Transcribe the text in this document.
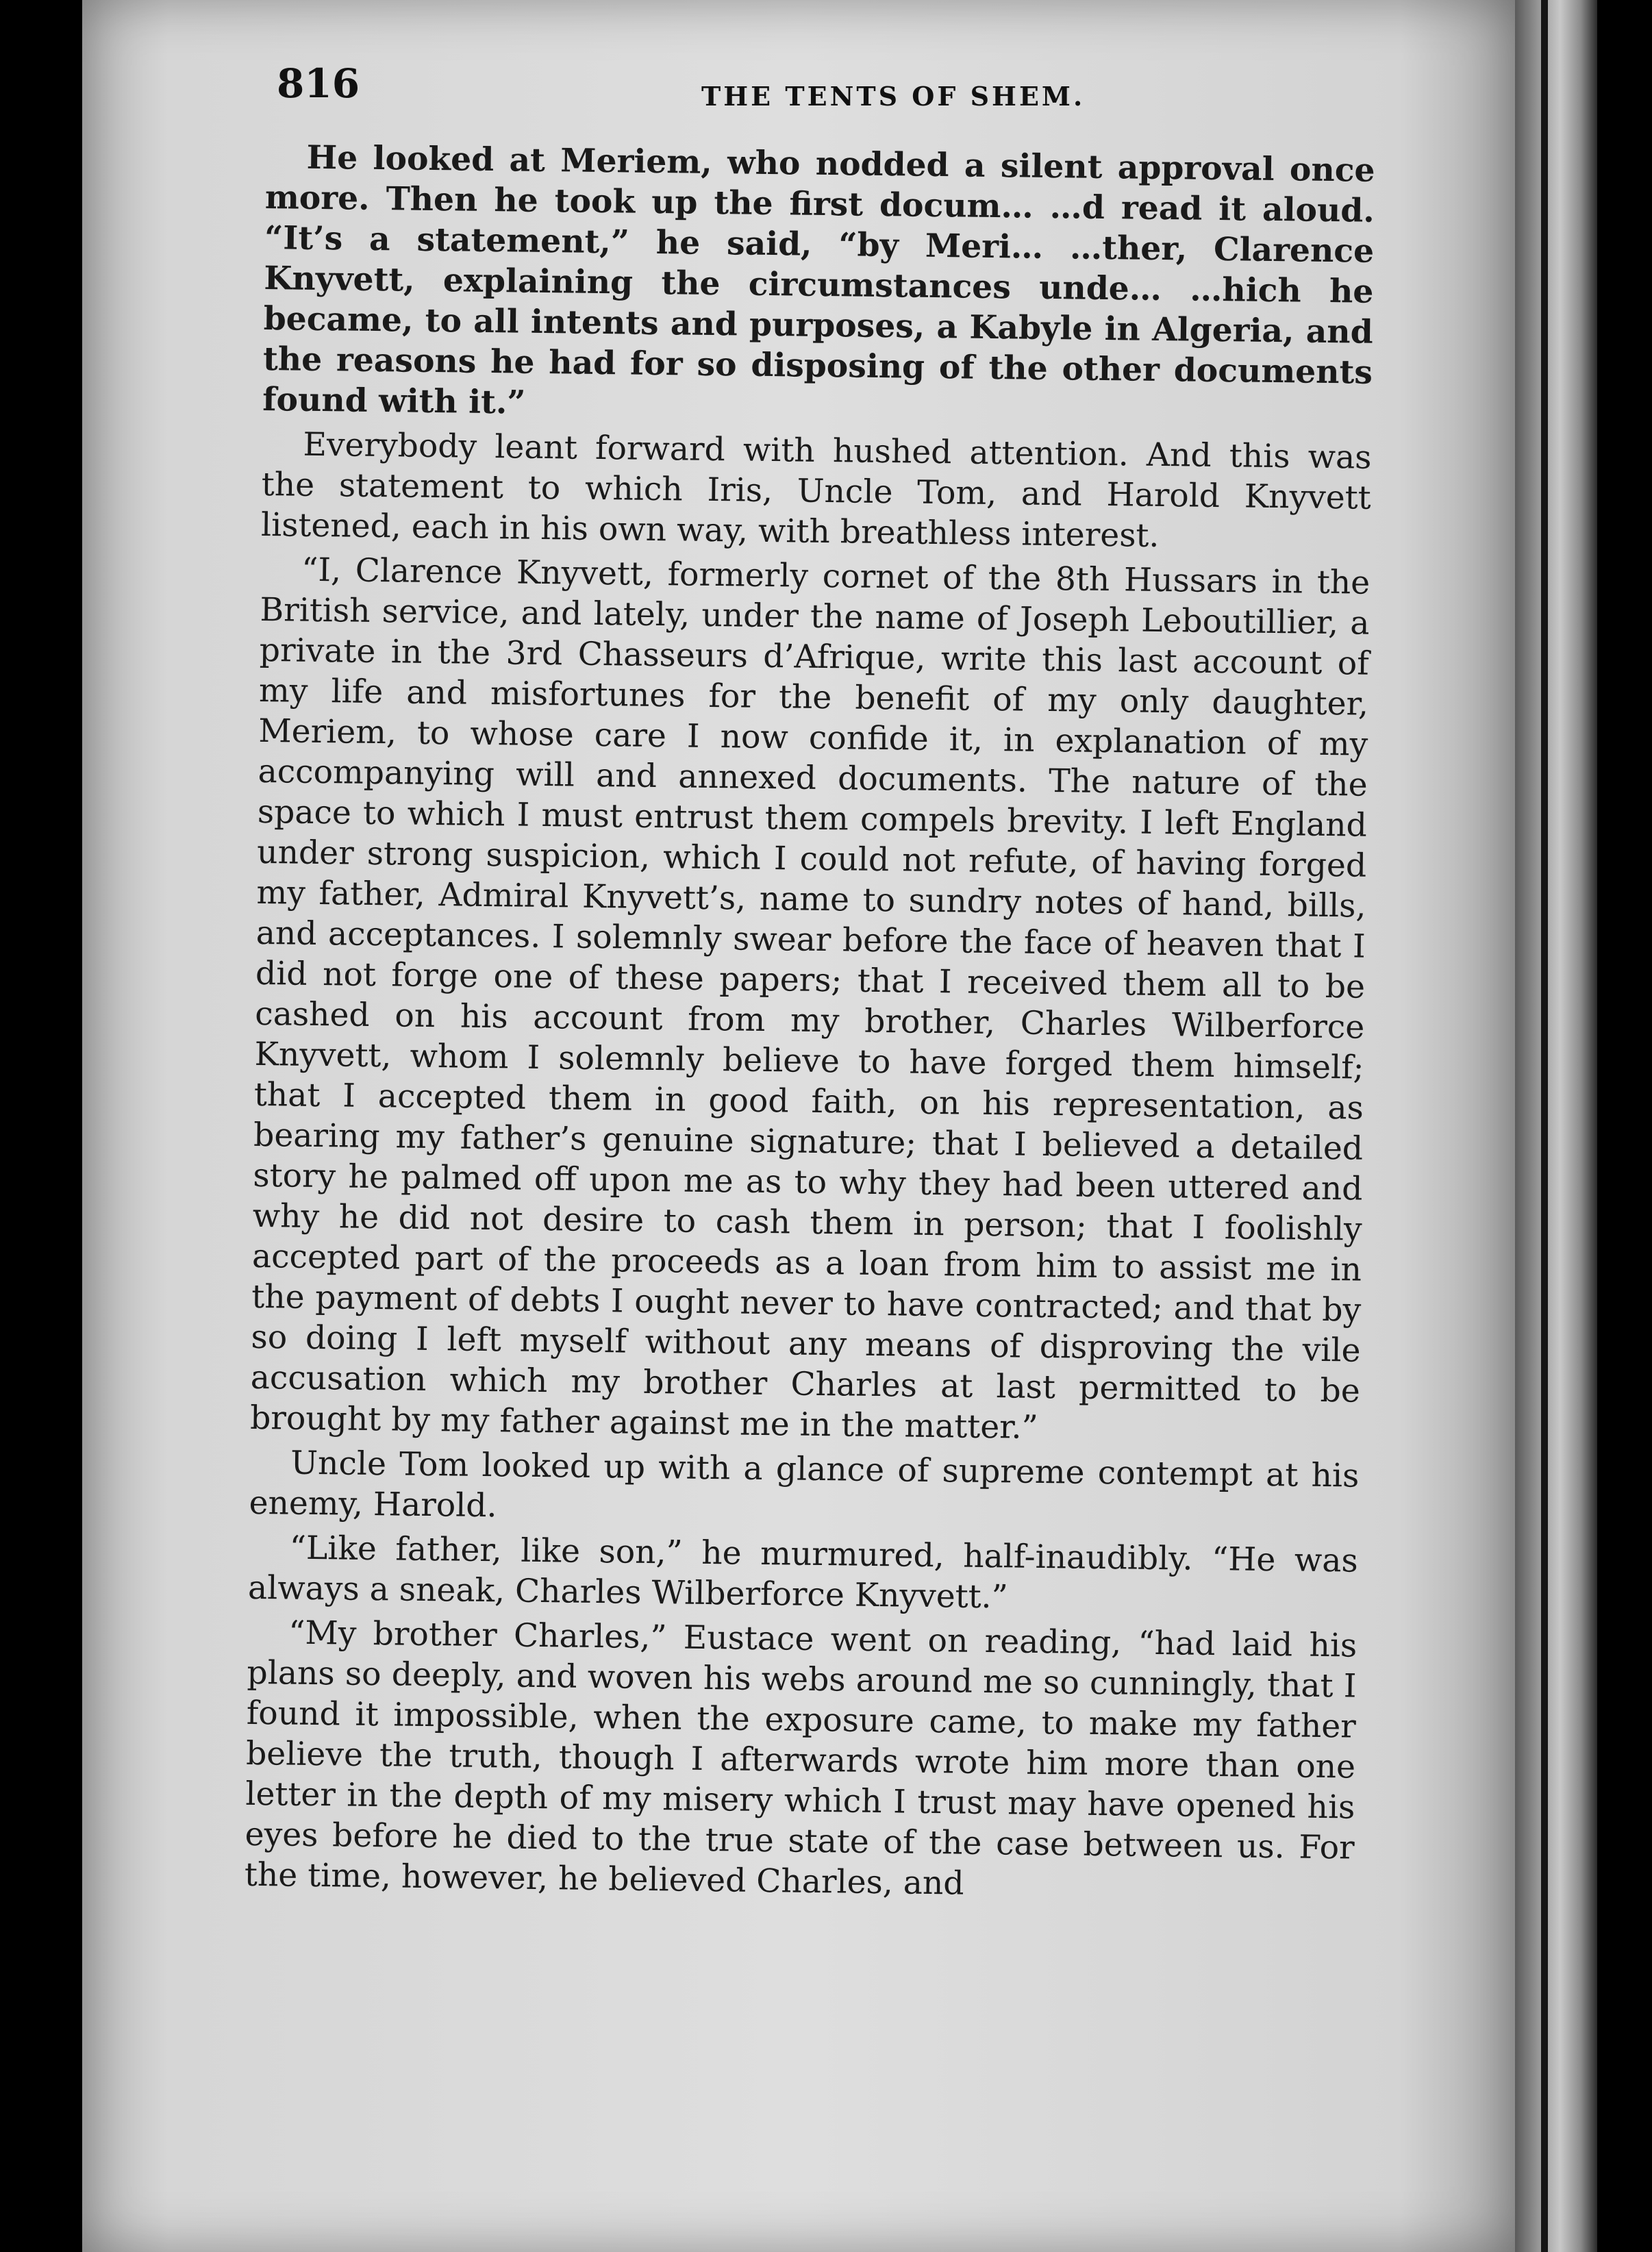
816	THE TENTS OF SHEM.

He looked at Meriem, who nodded a silent approval once more. Then he took up the first docum… …d read it aloud. “It’s a statement,” he said, “by Meri… …ther, Clarence Knyvett, explaining the circumstances unde… …hich he became, to all intents and purposes, a Kabyle in Algeria, and the reasons he had for so disposing of the other documents found with it.”

Everybody leant forward with hushed attention. And this was the statement to which Iris, Uncle Tom, and Harold Knyvett listened, each in his own way, with breathless interest.

“I, Clarence Knyvett, formerly cornet of the 8th Hussars in the British service, and lately, under the name of Joseph Leboutillier, a private in the 3rd Chasseurs d’Afrique, write this last account of my life and misfortunes for the benefit of my only daughter, Meriem, to whose care I now confide it, in explanation of my accompanying will and annexed documents. The nature of the space to which I must entrust them compels brevity. I left England under strong suspicion, which I could not refute, of having forged my father, Admiral Knyvett’s, name to sundry notes of hand, bills, and acceptances. I solemnly swear before the face of heaven that I did not forge one of these papers; that I received them all to be cashed on his account from my brother, Charles Wilberforce Knyvett, whom I solemnly believe to have forged them himself; that I accepted them in good faith, on his representation, as bearing my father’s genuine signature; that I believed a detailed story he palmed off upon me as to why they had been uttered and why he did not desire to cash them in person; that I foolishly accepted part of the proceeds as a loan from him to assist me in the payment of debts I ought never to have contracted; and that by so doing I left myself without any means of disproving the vile accusation which my brother Charles at last permitted to be brought by my father against me in the matter.”

Uncle Tom looked up with a glance of supreme contempt at his enemy, Harold.

“Like father, like son,” he murmured, half-inaudibly. “He was always a sneak, Charles Wilberforce Knyvett.”

“My brother Charles,” Eustace went on reading, “had laid his plans so deeply, and woven his webs around me so cunningly, that I found it impossible, when the exposure came, to make my father believe the truth, though I afterwards wrote him more than one letter in the depth of my misery which I trust may have opened his eyes before he died to the true state of the case between us. For the time, however, he believed Charles, and
